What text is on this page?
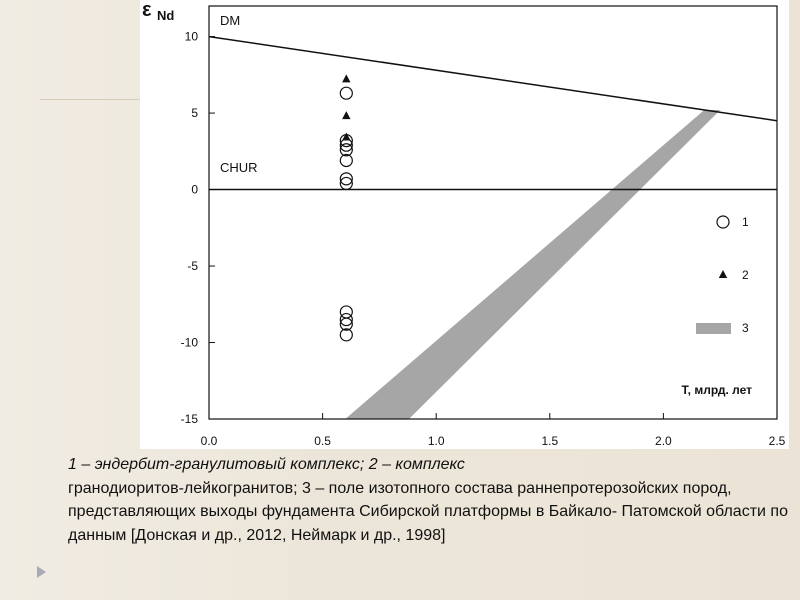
DM
CHUR
10
5
0
-5
-10
-15
0.0	0.5	1.0	1.5	2.0	2.5
ε Nd
Т, млрд. лет
1
2
3
1 – эндербит-гранулитовый комплекс; 2 – комплекс
гранодиоритов-лейкогранитов; 3 – поле изотопного состава раннепротерозойских пород, представляющих выходы фундамента Сибирской платформы в Байкало- Патомской области по данным [Донская и др., 2012, Неймарк и др., 1998]
